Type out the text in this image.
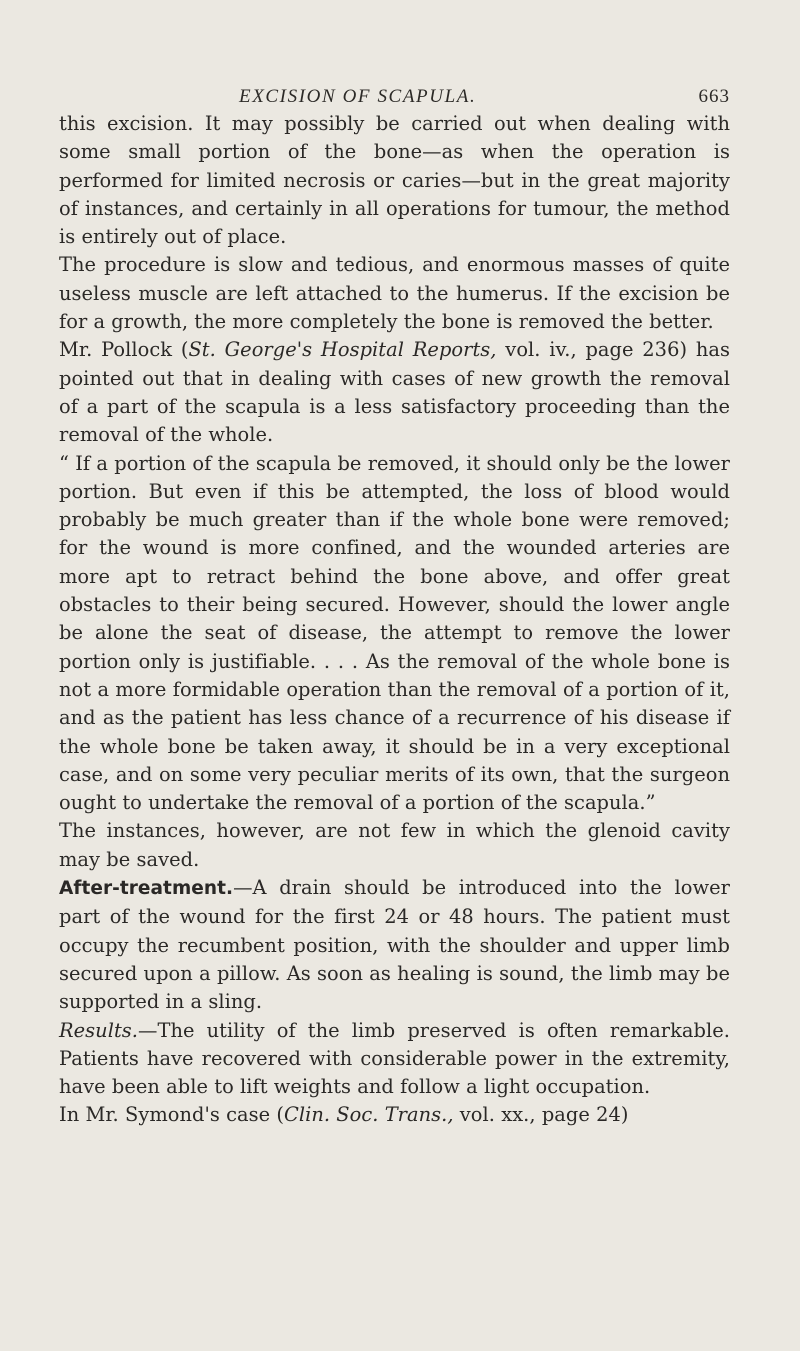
EXCISION OF SCAPULA.	663

this excision. It may possibly be carried out when dealing with some small portion of the bone—as when the operation is performed for limited necrosis or caries—but in the great majority of instances, and certainly in all operations for tumour, the method is entirely out of place.

The procedure is slow and tedious, and enormous masses of quite useless muscle are left attached to the humerus. If the excision be for a growth, the more completely the bone is removed the better.

Mr. Pollock (St. George's Hospital Reports, vol. iv., page 236) has pointed out that in dealing with cases of new growth the removal of a part of the scapula is a less satisfactory proceeding than the removal of the whole.

“ If a portion of the scapula be removed, it should only be the lower portion. But even if this be attempted, the loss of blood would probably be much greater than if the whole bone were removed; for the wound is more confined, and the wounded arteries are more apt to retract behind the bone above, and offer great obstacles to their being secured. However, should the lower angle be alone the seat of disease, the attempt to remove the lower portion only is justifiable. . . . As the removal of the whole bone is not a more formidable operation than the removal of a portion of it, and as the patient has less chance of a recurrence of his disease if the whole bone be taken away, it should be in a very exceptional case, and on some very peculiar merits of its own, that the surgeon ought to undertake the removal of a portion of the scapula.”

The instances, however, are not few in which the glenoid cavity may be saved.

After-treatment.—A drain should be introduced into the lower part of the wound for the first 24 or 48 hours. The patient must occupy the recumbent position, with the shoulder and upper limb secured upon a pillow. As soon as healing is sound, the limb may be supported in a sling.

Results.—The utility of the limb preserved is often remarkable. Patients have recovered with considerable power in the extremity, have been able to lift weights and follow a light occupation.

In Mr. Symond's case (Clin. Soc. Trans., vol. xx., page 24)
